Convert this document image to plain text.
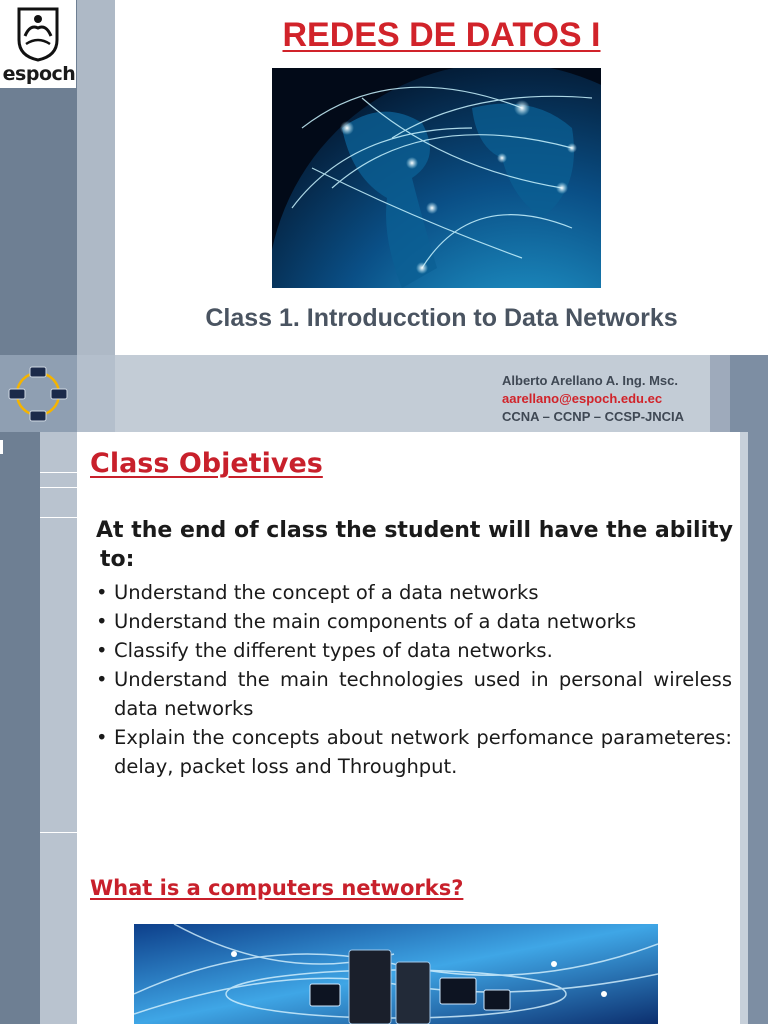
espoch
REDES DE DATOS I
Class 1. Introducction to Data Networks
Alberto Arellano A. Ing. Msc.
aarellano@espoch.edu.ec
CCNA – CCNP – CCSP-JNCIA
Class Objetives
At the end of class the student will have the ability
to:
• Understand the concept of a data networks
• Understand the main components of a data networks
• Classify the different types of data networks.
• Understand the main technologies used in personal wireless data networks
• Explain the concepts about network perfomance parameteres: delay, packet loss and Throughput.
What is a computers networks?
